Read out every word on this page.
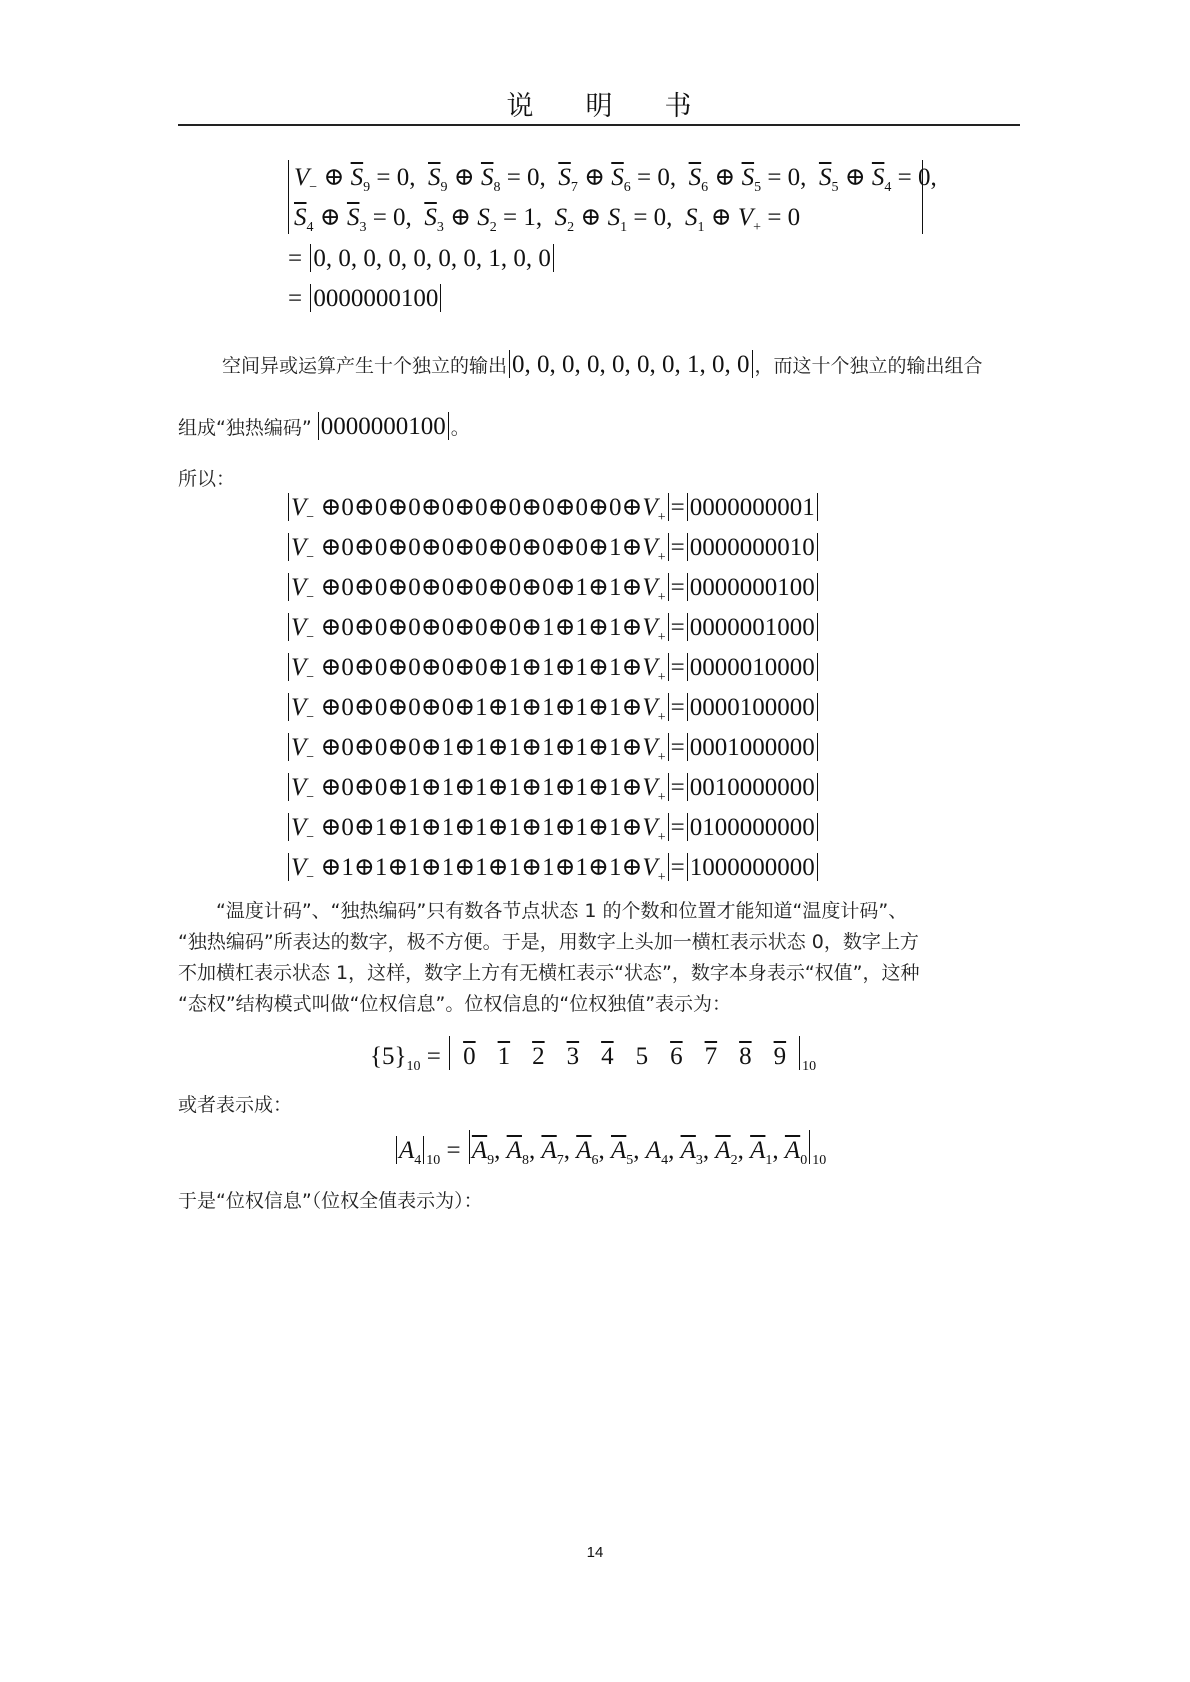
说明书
$V_-$ ⊕ $\overline{S}_9 = 0$,  $\overline{S}_9$ ⊕ $\overline{S}_8 = 0$,  $\overline{S}_7$ ⊕ $\overline{S}_6 = 0$,  $\overline{S}_6$ ⊕ $\overline{S}_5 = 0$,  $\overline{S}_5$ ⊕ $\overline{S}_4 = 0$,
$\overline{S}_4$ ⊕ $\overline{S}_3 = 0$,  $\overline{S}_3$ ⊕ $S_2 = 1$,  $S_2$ ⊕ $S_1 = 0$,  $S_1$ ⊕ $V_+ = 0$
= 0, 0, 0, 0, 0, 0, 0, 1, 0, 0
= 0000000100
空间异或运算产生十个独立的输出 0, 0, 0, 0, 0, 0, 0, 1, 0, 0 ，而这十个独立的输出组合
组成“独热编码” 0000000100 。
所以：
$V_-$ $\oplus 0\oplus 0\oplus 0\oplus 0\oplus 0\oplus 0\oplus 0\oplus 0\oplus 0\oplus V_+ = 0000000001$
$V_-$ $\oplus 0\oplus 0\oplus 0\oplus 0\oplus 0\oplus 0\oplus 0\oplus 0\oplus 1\oplus V_+ = 0000000010$
$V_-$ $\oplus 0\oplus 0\oplus 0\oplus 0\oplus 0\oplus 0\oplus 0\oplus 1\oplus 1\oplus V_+ = 0000000100$
$V_-$ $\oplus 0\oplus 0\oplus 0\oplus 0\oplus 0\oplus 0\oplus 1\oplus 1\oplus 1\oplus V_+ = 0000001000$
$V_-$ $\oplus 0\oplus 0\oplus 0\oplus 0\oplus 0\oplus 1\oplus 1\oplus 1\oplus 1\oplus V_+ = 0000010000$
$V_-$ $\oplus 0\oplus 0\oplus 0\oplus 0\oplus 1\oplus 1\oplus 1\oplus 1\oplus 1\oplus V_+ = 0000100000$
$V_-$ $\oplus 0\oplus 0\oplus 0\oplus 1\oplus 1\oplus 1\oplus 1\oplus 1\oplus 1\oplus V_+ = 0001000000$
$V_-$ $\oplus 0\oplus 0\oplus 1\oplus 1\oplus 1\oplus 1\oplus 1\oplus 1\oplus 1\oplus V_+ = 0010000000$
$V_-$ $\oplus 0\oplus 1\oplus 1\oplus 1\oplus 1\oplus 1\oplus 1\oplus 1\oplus 1\oplus V_+ = 0100000000$
$V_-$ $\oplus 1\oplus 1\oplus 1\oplus 1\oplus 1\oplus 1\oplus 1\oplus 1\oplus 1\oplus V_+ = 1000000000$
“温度计码”、“独热编码”只有数各节点状态 1 的个数和位置才能知道“温度计码”、
“独热编码”所表达的数字，极不方便。于是，用数字上头加一横杠表示状态 0，数字上方
不加横杠表示状态 1，这样，数字上方有无横杠表示“状态”，数字本身表示“权值”，这种
“态权”结构模式叫做“位权信息”。位权信息的“位权独值”表示为：
$\{5\}_{10} = 0$ 1 2 3 4 5 6 7 8 9 $_{10}$
或者表示成：
$A_4$ $_{10} = \overline{A}_9$, $\overline{A}_8$, $\overline{A}_7$, $\overline{A}_6$, $\overline{A}_5$, $A_4$, $\overline{A}_3$, $\overline{A}_2$, $\overline{A}_1$, $\overline{A}_0$ $_{10}$
于是“位权信息”（位权全值表示为）：
14
